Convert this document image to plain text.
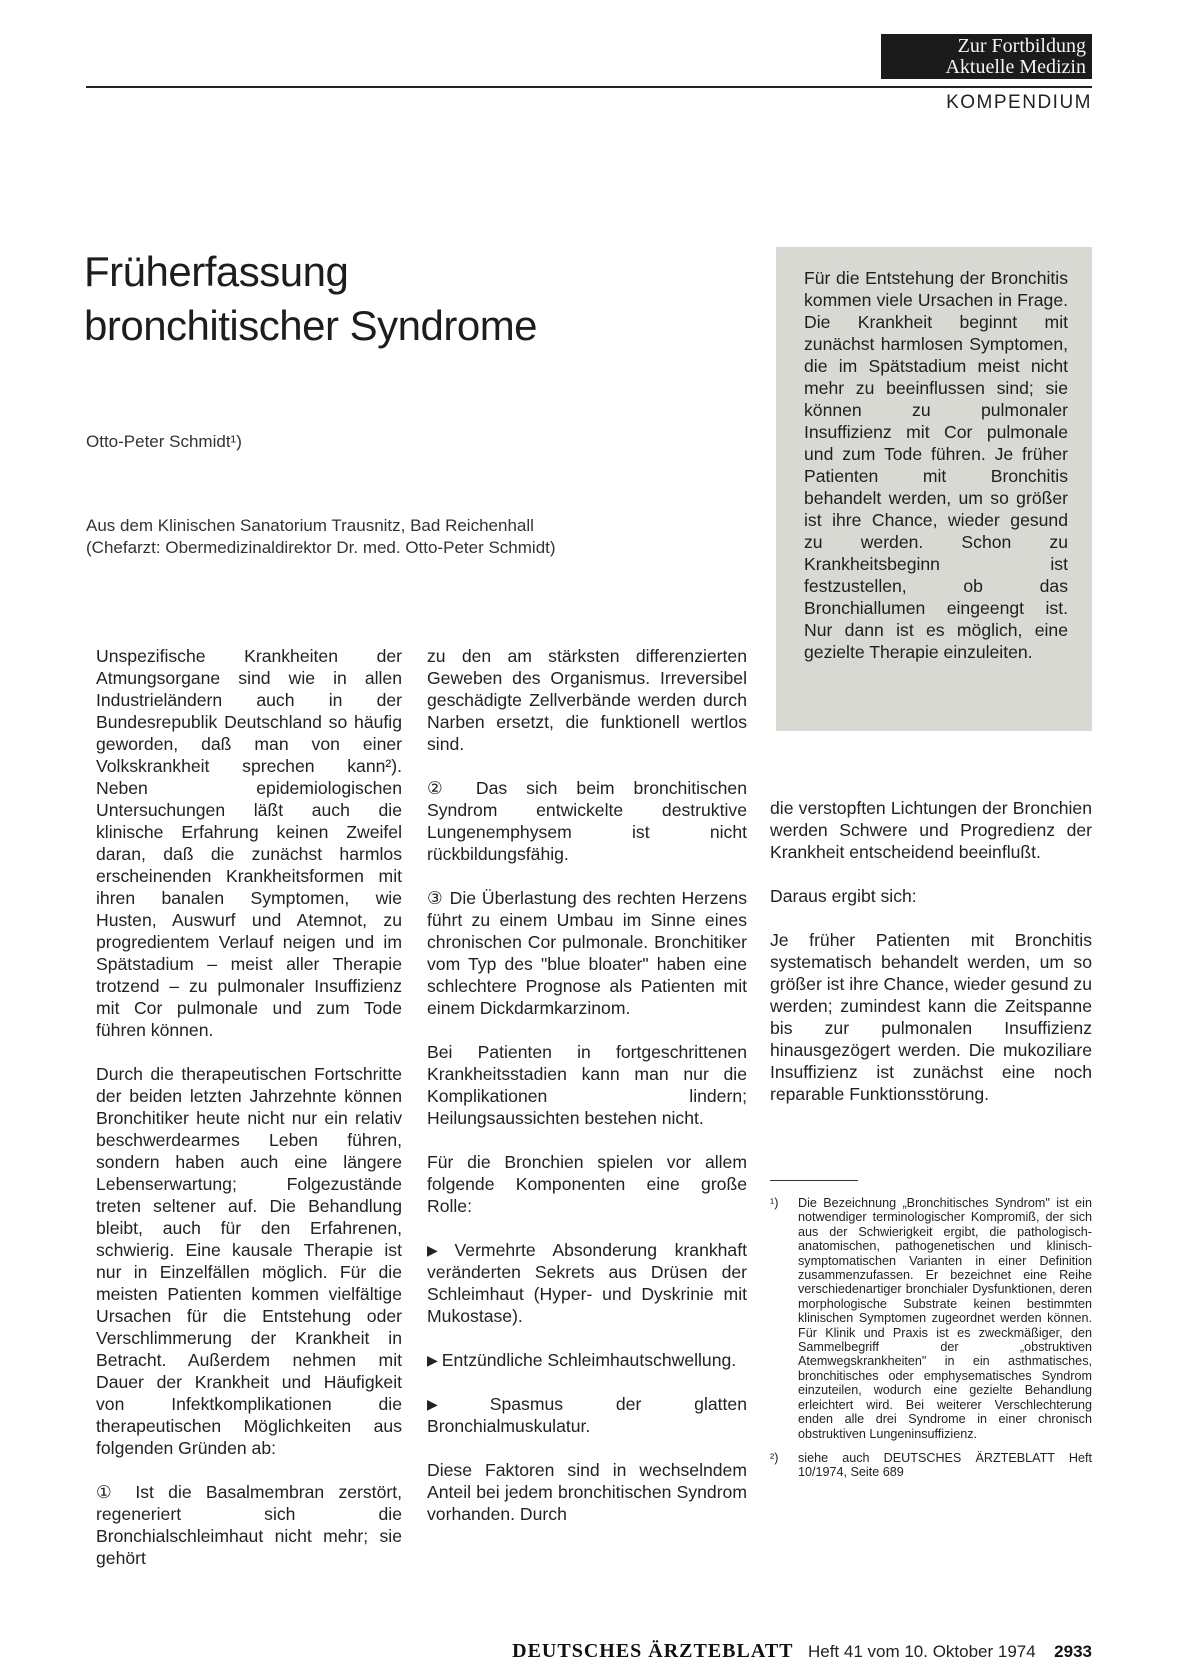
Zur Fortbildung
Aktuelle Medizin
KOMPENDIUM
Früherfassung
bronchitischer Syndrome
Otto-Peter Schmidt¹)
Aus dem Klinischen Sanatorium Trausnitz, Bad Reichenhall
(Chefarzt: Obermedizinaldirektor Dr. med. Otto-Peter Schmidt)
Für die Entstehung der Bronchitis kommen viele Ursachen in Frage. Die Krankheit beginnt mit zunächst harmlosen Symptomen, die im Spätstadium meist nicht mehr zu beeinflussen sind; sie können zu pulmonaler Insuffizienz mit Cor pulmonale und zum Tode führen. Je früher Patienten mit Bronchitis behandelt werden, um so größer ist ihre Chance, wieder gesund zu werden. Schon zu Krankheitsbeginn ist festzustellen, ob das Bronchiallumen eingeengt ist. Nur dann ist es möglich, eine gezielte Therapie einzuleiten.

Unspezifische Krankheiten der Atmungsorgane sind wie in allen Industrieländern auch in der Bundesrepublik Deutschland so häufig geworden, daß man von einer Volkskrankheit sprechen kann²). Neben epidemiologischen Untersuchungen läßt auch die klinische Erfahrung keinen Zweifel daran, daß die zunächst harmlos erscheinenden Krankheitsformen mit ihren banalen Symptomen, wie Husten, Auswurf und Atemnot, zu progredientem Verlauf neigen und im Spätstadium – meist aller Therapie trotzend – zu pulmonaler Insuffizienz mit Cor pulmonale und zum Tode führen können.

Durch die therapeutischen Fortschritte der beiden letzten Jahrzehnte können Bronchitiker heute nicht nur ein relativ beschwerdearmes Leben führen, sondern haben auch eine längere Lebenserwartung; Folgezustände treten seltener auf. Die Behandlung bleibt, auch für den Erfahrenen, schwierig. Eine kausale Therapie ist nur in Einzelfällen möglich. Für die meisten Patienten kommen vielfältige Ursachen für die Entstehung oder Verschlimmerung der Krankheit in Betracht. Außerdem nehmen mit Dauer der Krankheit und Häufigkeit von Infektkomplikationen die therapeutischen Möglichkeiten aus folgenden Gründen ab:

① Ist die Basalmembran zerstört, regeneriert sich die Bronchialschleimhaut nicht mehr; sie gehört

zu den am stärksten differenzierten Geweben des Organismus. Irreversibel geschädigte Zellverbände werden durch Narben ersetzt, die funktionell wertlos sind.

② Das sich beim bronchitischen Syndrom entwickelte destruktive Lungenemphysem ist nicht rückbildungsfähig.

③ Die Überlastung des rechten Herzens führt zu einem Umbau im Sinne eines chronischen Cor pulmonale. Bronchitiker vom Typ des "blue bloater" haben eine schlechtere Prognose als Patienten mit einem Dickdarmkarzinom.

Bei Patienten in fortgeschrittenen Krankheitsstadien kann man nur die Komplikationen lindern; Heilungsaussichten bestehen nicht.

Für die Bronchien spielen vor allem folgende Komponenten eine große Rolle:

▶ Vermehrte Absonderung krankhaft veränderten Sekrets aus Drüsen der Schleimhaut (Hyper- und Dyskrinie mit Mukostase).

▶ Entzündliche Schleimhautschwellung.

▶ Spasmus der glatten Bronchialmuskulatur.

Diese Faktoren sind in wechselndem Anteil bei jedem bronchitischen Syndrom vorhanden. Durch

die verstopften Lichtungen der Bronchien werden Schwere und Progredienz der Krankheit entscheidend beeinflußt.

Daraus ergibt sich:

Je früher Patienten mit Bronchitis systematisch behandelt werden, um so größer ist ihre Chance, wieder gesund zu werden; zumindest kann die Zeitspanne bis zur pulmonalen Insuffizienz hinausgezögert werden. Die mukoziliare Insuffizienz ist zunächst eine noch reparable Funktionsstörung.

¹)	Die Bezeichnung „Bronchitisches Syndrom" ist ein notwendiger terminologischer Kompromiß, der sich aus der Schwierigkeit ergibt, die pathologisch-anatomischen, pathogenetischen und klinisch-symptomatischen Varianten in einer Definition zusammenzufassen. Er bezeichnet eine Reihe verschiedenartiger bronchialer Dysfunktionen, deren morphologische Substrate keinen bestimmten klinischen Symptomen zugeordnet werden können. Für Klinik und Praxis ist es zweckmäßiger, den Sammelbegriff der „obstruktiven Atemwegskrankheiten" in ein asthmatisches, bronchitisches oder emphysematisches Syndrom einzuteilen, wodurch eine gezielte Behandlung erleichtert wird. Bei weiterer Verschlechterung enden alle drei Syndrome in einer chronisch obstruktiven Lungeninsuffizienz.
²)	siehe auch DEUTSCHES ÄRZTEBLATT Heft 10/1974, Seite 689
DEUTSCHES ÄRZTEBLATT Heft 41 vom 10. Oktober 1974 2933
